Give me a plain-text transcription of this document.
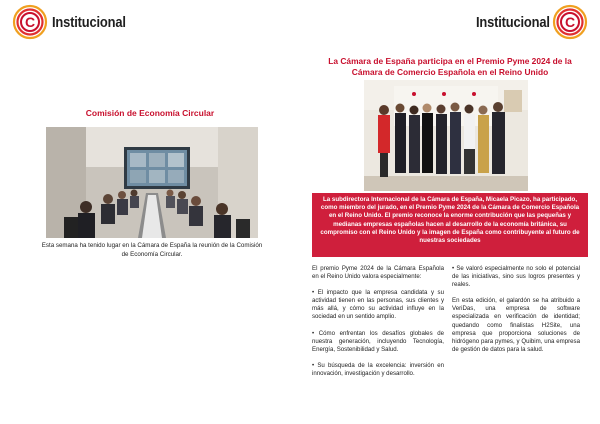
C Institucional	Institucional C
Comisión de Economía Circular
Esta semana ha tenido lugar en la Cámara de España la reunión de la Comisión de Economía Circular.
La Cámara de España participa en el Premio Pyme 2024 de la Cámara de Comercio Española en el Reino Unido
La subdirectora Internacional de la Cámara de España, Micaela Picazo, ha participado, como miembro del jurado, en el Premio Pyme 2024 de la Cámara de Comercio Española en el Reino Unido. El premio reconoce la enorme contribución que las pequeñas y medianas empresas españolas hacen al desarrollo de la economía británica, su compromiso con el Reino Unido y la imagen de España como contribuyente al futuro de nuestras sociedades

El premio Pyme 2024 de la Cámara Española en el Reino Unido valora especialmente:

• El impacto que la empresa candidata y su actividad tienen en las personas, sus clientes y más allá, y cómo su actividad influye en la sociedad en un sentido amplio.

• Cómo enfrentan los desafíos globales de nuestra generación, incluyendo Tecnología, Energía, Sostenibilidad y Salud.

• Su búsqueda de la excelencia: inversión en innovación, investigación y desarrollo.

• Se valoró especialmente no solo el potencial de las iniciativas, sino sus logros presentes y reales.

En esta edición, el galardón se ha atribuido a VeriDas, una empresa de software especializada en verificación de identidad; quedando como finalistas H2Site, una empresa que proporciona soluciones de hidrógeno para pymes, y Quibim, una empresa de gestión de datos para la salud.
